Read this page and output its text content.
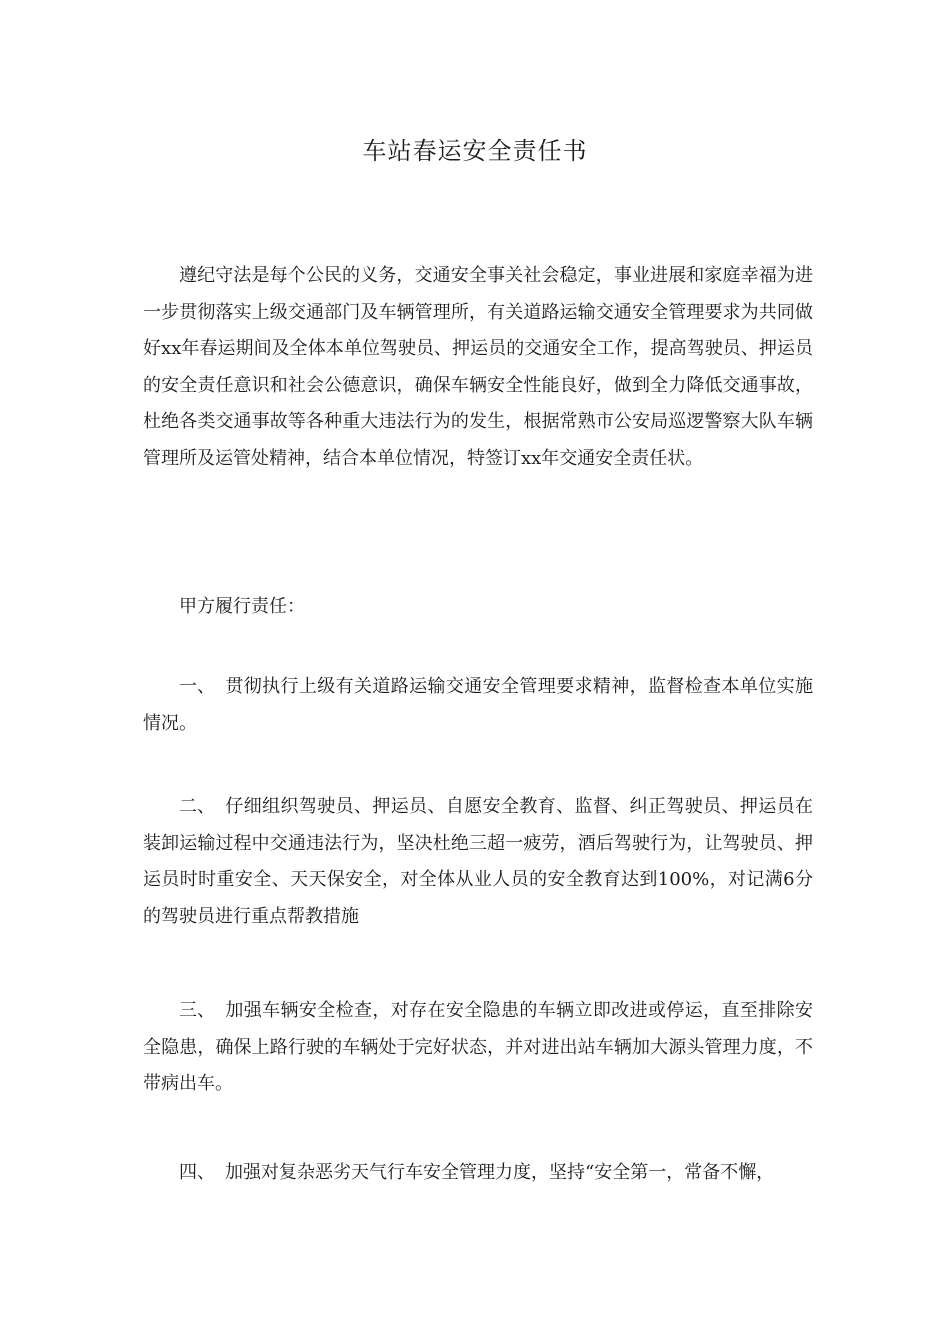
车站春运安全责任书
遵纪守法是每个公民的义务，交通安全事关社会稳定，事业进展和家庭幸福为进一步贯彻落实上级交通部门及车辆管理所，有关道路运输交通安全管理要求为共同做好xx年春运期间及全体本单位驾驶员、押运员的交通安全工作，提高驾驶员、押运员的安全责任意识和社会公德意识，确保车辆安全性能良好，做到全力降低交通事故，杜绝各类交通事故等各种重大违法行为的发生，根据常熟市公安局巡逻警察大队车辆管理所及运管处精神，结合本单位情况，特签订xx年交通安全责任状。
甲方履行责任：
一、 贯彻执行上级有关道路运输交通安全管理要求精神，监督检查本单位实施情况。
二、 仔细组织驾驶员、押运员、自愿安全教育、监督、纠正驾驶员、押运员在装卸运输过程中交通违法行为，坚决杜绝三超一疲劳，酒后驾驶行为，让驾驶员、押运员时时重安全、天天保安全，对全体从业人员的安全教育达到100%，对记满6分的驾驶员进行重点帮教措施
三、 加强车辆安全检查，对存在安全隐患的车辆立即改进或停运，直至排除安全隐患，确保上路行驶的车辆处于完好状态，并对进出站车辆加大源头管理力度，不带病出车。
四、 加强对复杂恶劣天气行车安全管理力度，坚持“安全第一，常备不懈，
